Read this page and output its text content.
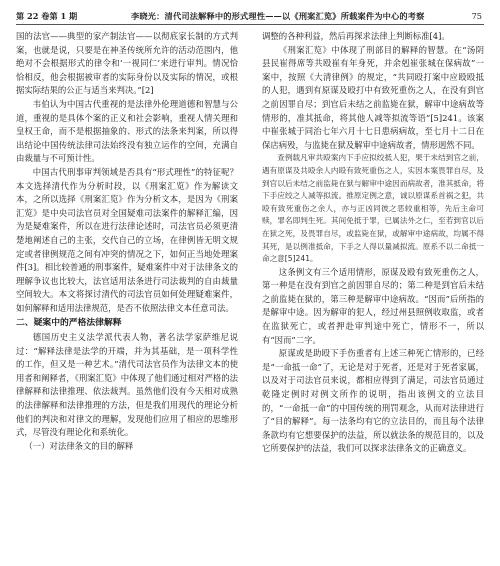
第 22 卷第 1 期	李晓光：清代司法解释中的形式理性——以《刑案汇览》所载案件为中心的考察	75

国的法官——典型的家产制法官——以彻底家长制的方式判案，也就是说，只要是在神圣传统所允许的活动范围内，他绝对不会根据形式的律令和‘一视同仁’来进行审判。情况恰恰相反，他会根据被审者的实际身份以及实际的情况，或根据实际结果的公正与适当来判决。”[2]

韦伯认为中国古代重视的是法律外伦理道德和智慧与公道，重视的是具体个案的正义和社会影响，重视人情关理和皇权王命，而不是根据抽象的、形式的法条来判案，所以得出结论中国传统法律司法始终没有独立运作的空间，充满自由裁量与不可预计性。

中国古代刑事审判领域是否具有“形式理性”的特征呢？本文选择清代作为分析时段，以《刑案汇览》作为解读文本，之所以选择《刑案汇览》作为分析文本，是因为《刑案汇览》是中央司法官员对全国疑难司法案件的解释汇编，因为是疑难案件，所以在进行法律论述时，司法官员必须更清楚地阐述自己的主张，交代自己的立场，在律例皆无明文规定或者律例规范之间有冲突的情况之下，如何正当地处理案件[3]。相比较普通的刑事案件，疑难案件中对于法律条文的理解争议也比较大，法官适用法条进行司法裁判的自由裁量空间较大。本文将探讨清代的司法官员如何处理疑难案件，如何解释和适用法律规范，是否不依照法律文本任意司法。

二、疑案中的严格法律解释

德国历史主义法学派代表人物，著名法学家萨维尼说过：“解释法律是法学的开端，并为其基础，是一项科学性的工作，但又是一种艺术。”清代司法官员作为法律文本的使用者和阐释者，《刑案汇览》中体现了他们通过相对严格的法律解释和法律推理、依法裁判。虽然他们没有今天相对成熟的法律解释和法律推理的方法，但是我们用现代的理论分析他们的判决和对律文的理解，发现他们应用了相应的思维形式，尽管没有理论化和系统化。

（一）对法律条文的目的解释

调整的各种利益，然后再探求法律上判断标准[4]。

《刑案汇览》中体现了刑部目的解释的智慧。在“汤阴县民崔得席等共殴崔有年身死，并余剋崔张城在保病故”一案中，按照《大清律例》的规定，“共同殴打案中应殴殴抵的人犯，遇到有原谋及殴打中有致死重伤之人，在没有到官之前因罪自尽；到官后未结之前监毙在狱，解审中途病故等情形的，准其抵命，将其他人减等拟流等语”[5]241。该案中崔张城于同治七年六月十七日患病病故，至七月十二日在保店病殁，与监毙在狱及解审中途病故者，情形迥然不同。

查例载凡审共殴案内下手应拟绞抵人犯，果于未结到官之前，遇有原谋及共殴余人内殴有致死重伤之人，实因本案畏罪自尽，及到官以后未结之前监毙在狱与解审中途因而病故者，准其抵命，将下手应绞之人减等拟流。推原定例之意，诚以原谋系首祸之犯，共殴有致死重伤之余人，亦与正凶同彼之恶较重相等，先后主命可赎，罪名即判生死。其间免抵于罪，已属法外之仁，至若到官以后在狱之死，及畏罪自尽，或监毙在狱，或解审中途病故，均属不得其死，是以例准抵命，下手之人得以量减拟流。原系不以二命抵一命之意[5]241。

这条例文有三个适用情形，原谋及殴有致死重伤之人，第一种是在没有到官之前因罪自尽的；第二种是到官后未结之前监毙在狱的，第三种是解审中途病故。“因而”后所指的是解审中途。因为解审的犯人，经过州县照例收取监，或者在监狱死亡，或者押赴审判途中死亡，情形不一，所以有“因而”二字。

原谋或是助殴下手伤重者有上述三种死亡情形的，已经是“一命抵一命”了，无论是对于死者，还是对于死者家属，以及对于司法官员来说，都相应得到了满足，司法官员通过乾隆定例时对例文所作的说明，指出该例文的立法目的，“一命抵一命”的中国传统的刑罚观念，从而对法律进行了“目的解释”。每一法条均有它的立法目的，而且每个法律条款均有它想要保护的法益，所以就法条的规范目的，以及它所要保护的法益，我们可以探求法律条文的正确意义。
